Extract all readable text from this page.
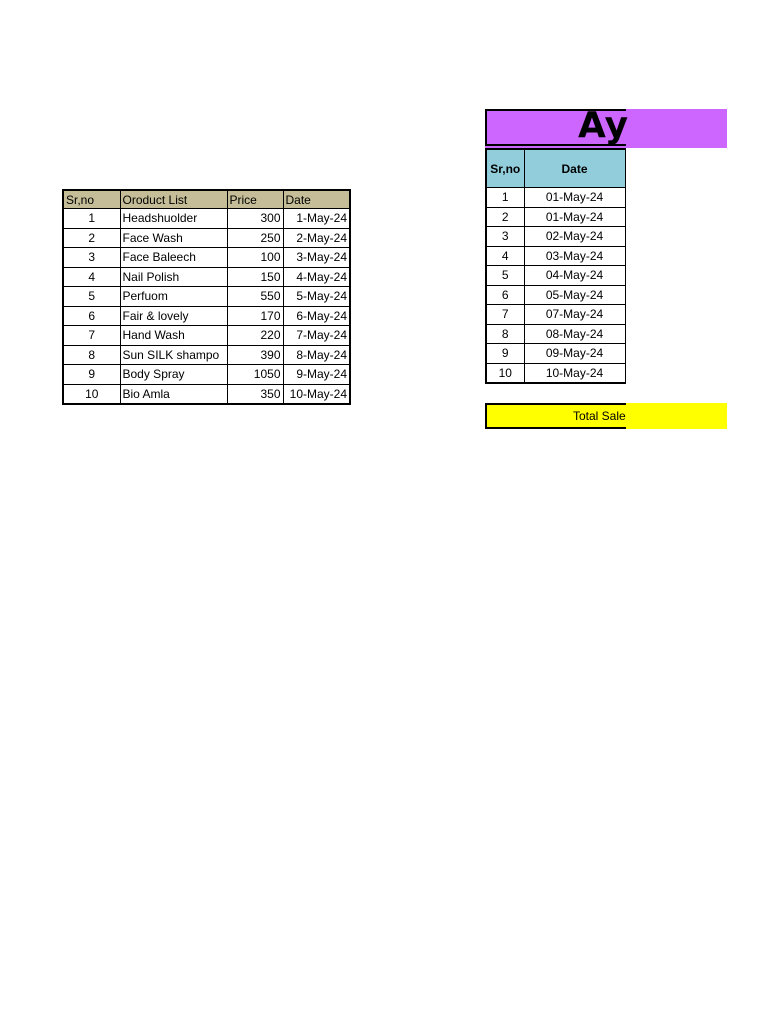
Sr,no	Oroduct List	Price	Date
1	Headshuolder	300	1-May-24
2	Face Wash	250	2-May-24
3	Face Baleech	100	3-May-24
4	Nail Polish	150	4-May-24
5	Perfuom	550	5-May-24
6	Fair & lovely	170	6-May-24
7	Hand Wash	220	7-May-24
8	Sun SILK shampo	390	8-May-24
9	Body Spray	1050	9-May-24
10	Bio Amla	350	10-May-24
Ay
Sr,no	Date
1	01-May-24
2	01-May-24
3	02-May-24
4	03-May-24
5	04-May-24
6	05-May-24
7	07-May-24
8	08-May-24
9	09-May-24
10	10-May-24
Total Sale
